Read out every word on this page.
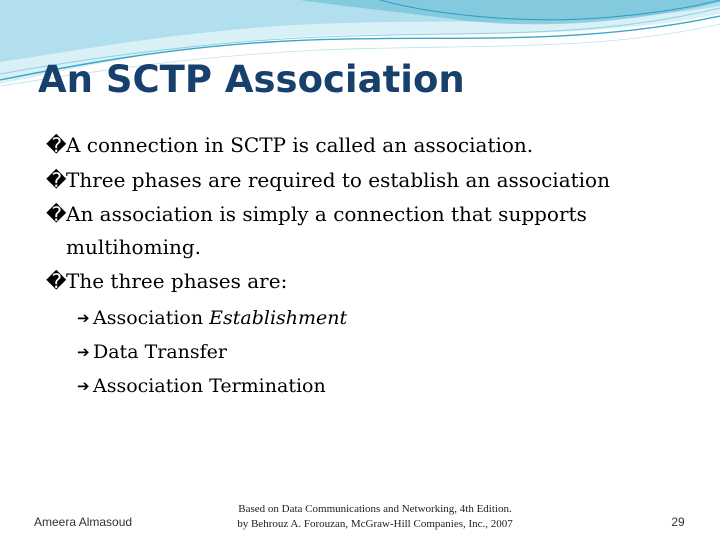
An SCTP Association
� A connection in SCTP is called an association.
� Three phases are required to establish an association
� An association is simply a connection that supports multihoming.
� The three phases are:
➔ Association Establishment
➔ Data Transfer
➔ Association Termination
Ameera Almasoud
Based on Data Communications and Networking, 4th Edition.
by Behrouz A. Forouzan, McGraw-Hill Companies, Inc., 2007	29
